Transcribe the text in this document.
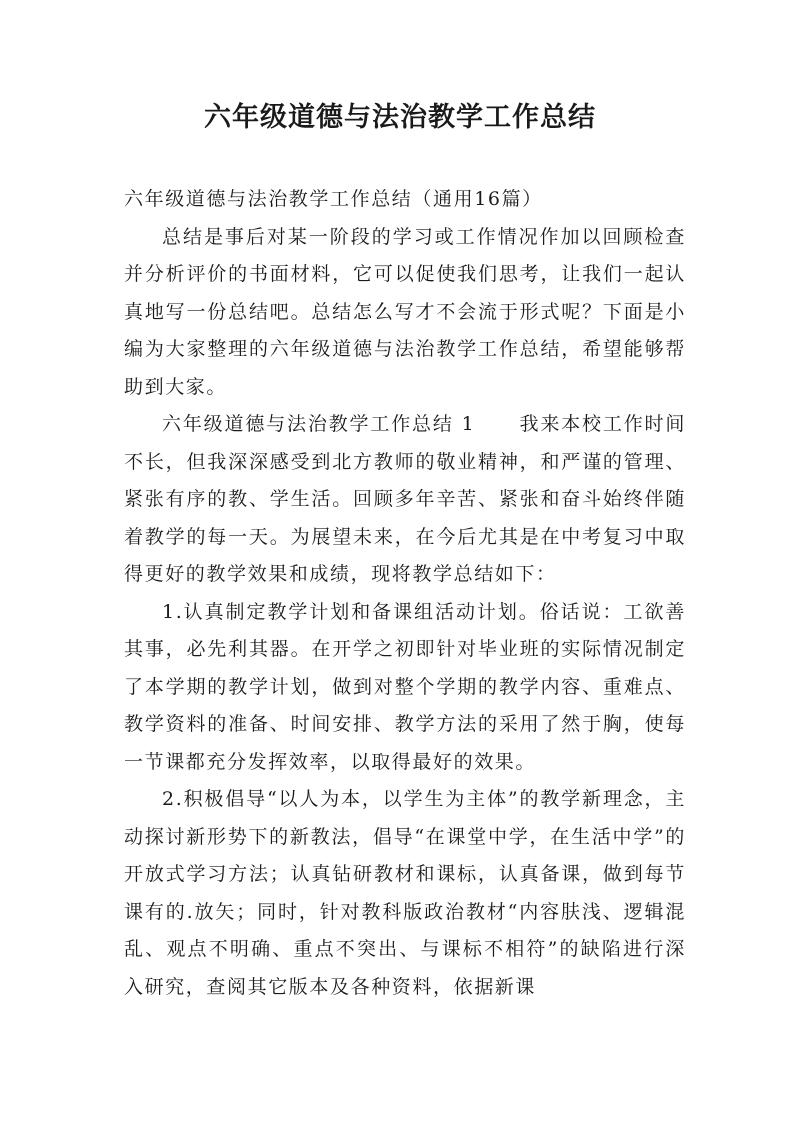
六年级道德与法治教学工作总结

六年级道德与法治教学工作总结（通用16篇）

总结是事后对某一阶段的学习或工作情况作加以回顾检查并分析评价的书面材料，它可以促使我们思考，让我们一起认真地写一份总结吧。总结怎么写才不会流于形式呢？下面是小编为大家整理的六年级道德与法治教学工作总结，希望能够帮助到大家。

六年级道德与法治教学工作总结 1 我来本校工作时间不长，但我深深感受到北方教师的敬业精神，和严谨的管理、紧张有序的教、学生活。回顾多年辛苦、紧张和奋斗始终伴随着教学的每一天。为展望未来，在今后尤其是在中考复习中取得更好的教学效果和成绩，现将教学总结如下：

1.认真制定教学计划和备课组活动计划。俗话说：工欲善其事，必先利其器。在开学之初即针对毕业班的实际情况制定了本学期的教学计划，做到对整个学期的教学内容、重难点、教学资料的准备、时间安排、教学方法的采用了然于胸，使每一节课都充分发挥效率，以取得最好的效果。

2.积极倡导“以人为本，以学生为主体”的教学新理念，主动探讨新形势下的新教法，倡导“在课堂中学，在生活中学”的开放式学习方法；认真钻研教材和课标，认真备课，做到每节课有的.放矢；同时，针对教科版政治教材“内容肤浅、逻辑混乱、观点不明确、重点不突出、与课标不相符”的缺陷进行深入研究，查阅其它版本及各种资料，依据新课
